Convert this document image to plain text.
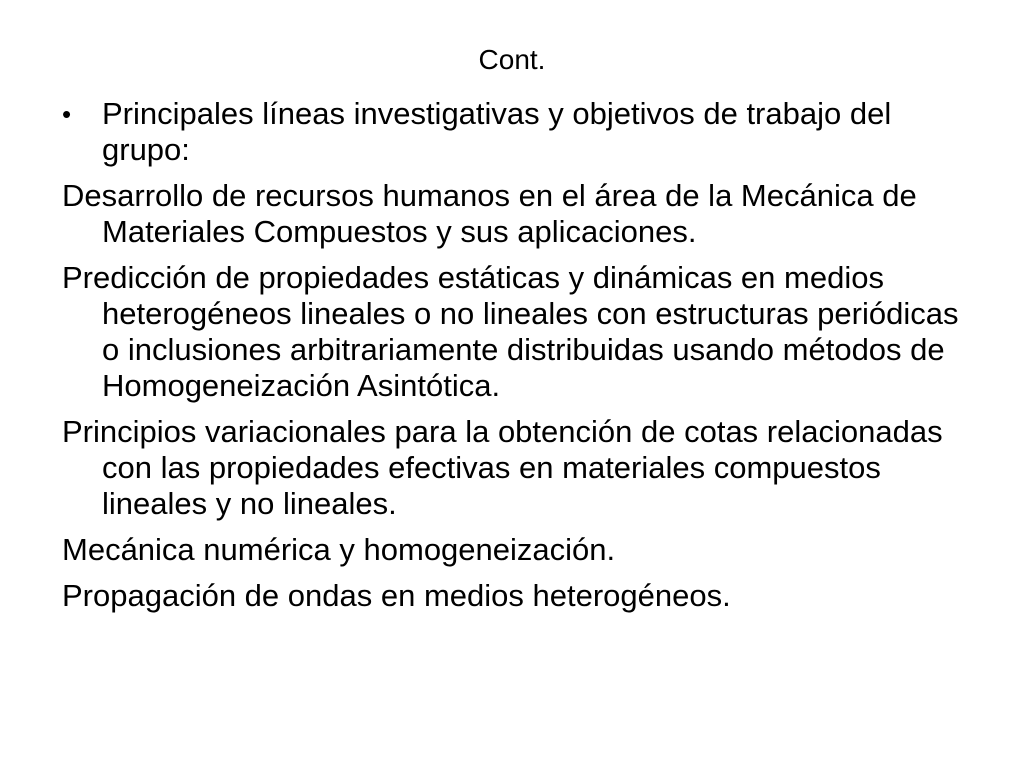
Cont.
• Principales líneas investigativas y objetivos de trabajo del grupo:

Desarrollo de recursos humanos en el área de la Mecánica de Materiales Compuestos y sus aplicaciones.

Predicción de propiedades estáticas y dinámicas en medios heterogéneos lineales o no lineales con estructuras periódicas o inclusiones arbitrariamente distribuidas usando métodos de Homogeneización Asintótica.

Principios variacionales para la obtención de cotas relacionadas con las propiedades efectivas en materiales compuestos lineales y no lineales.

Mecánica numérica y homogeneización.

Propagación de ondas en medios heterogéneos.
